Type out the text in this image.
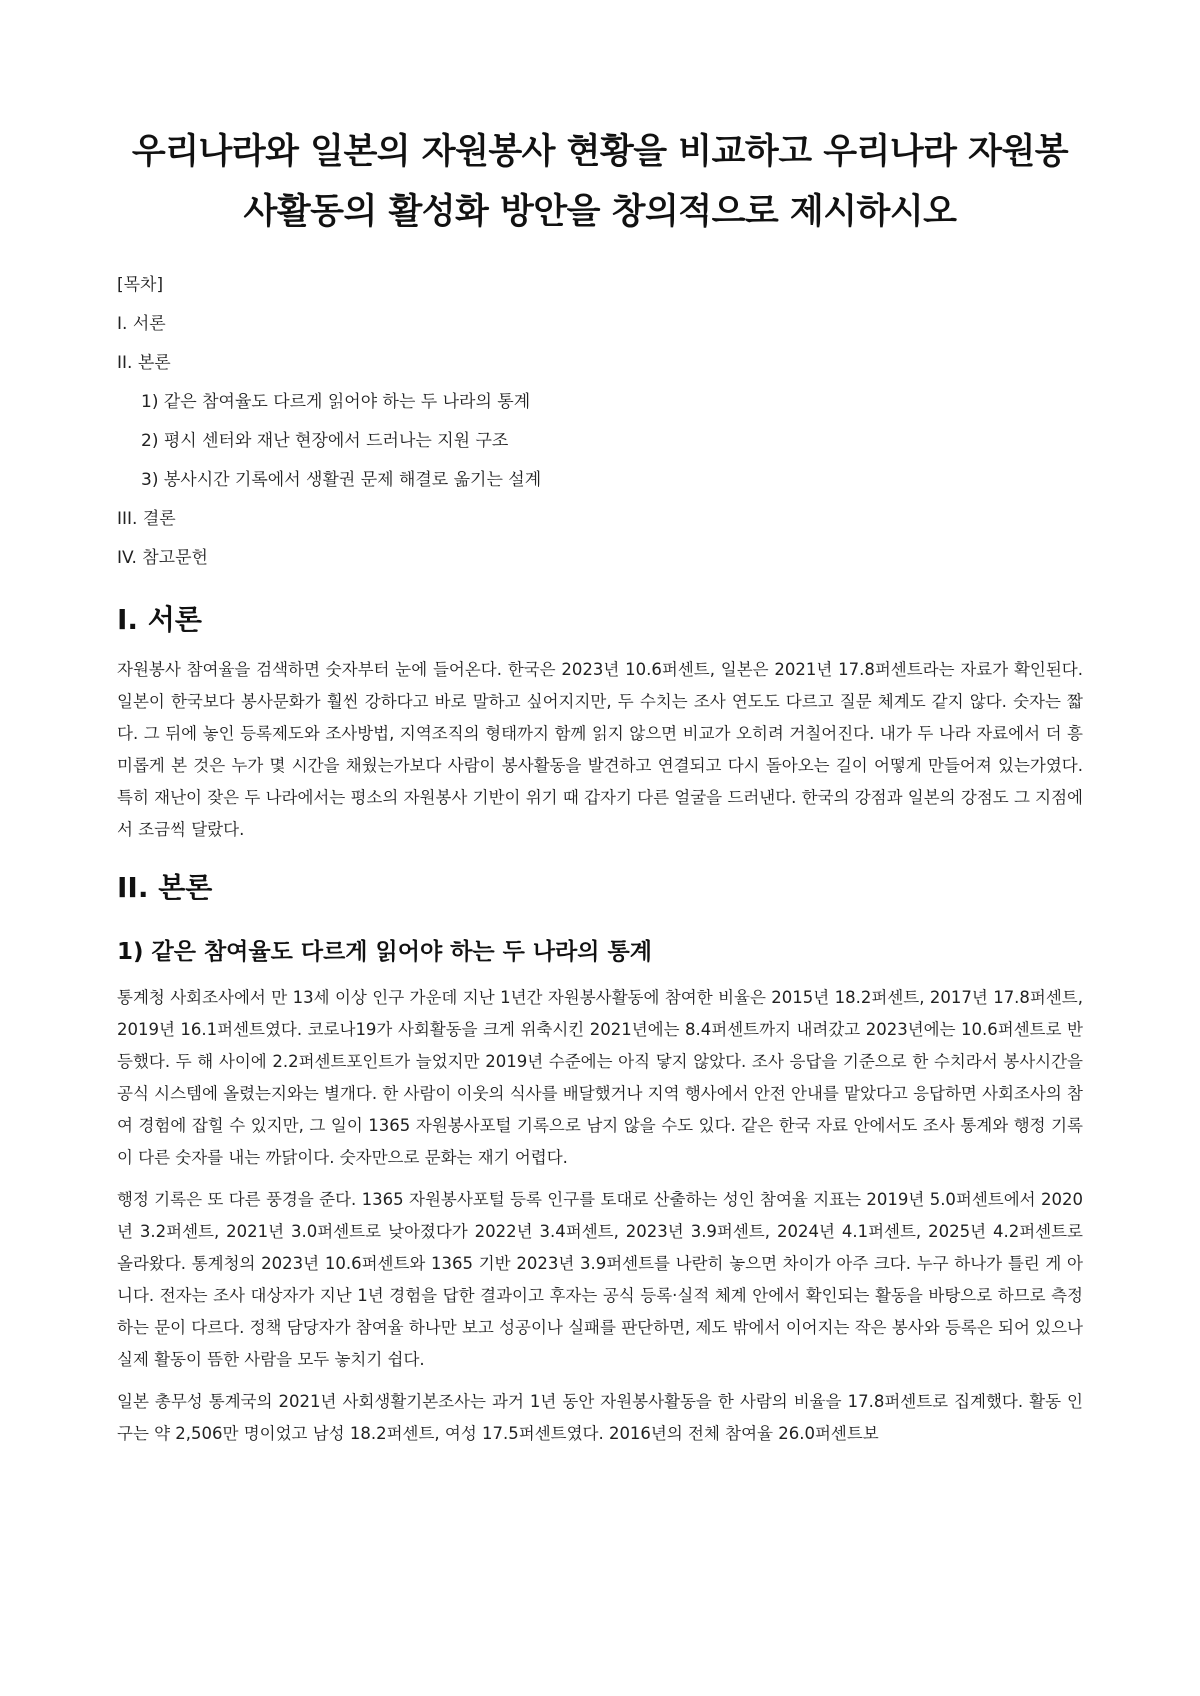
우리나라와 일본의 자원봉사 현황을 비교하고 우리나라 자원봉사활동의 활성화 방안을 창의적으로 제시하시오
[목차]
I. 서론
II. 본론
1) 같은 참여율도 다르게 읽어야 하는 두 나라의 통계
2) 평시 센터와 재난 현장에서 드러나는 지원 구조
3) 봉사시간 기록에서 생활권 문제 해결로 옮기는 설계
III. 결론
IV. 참고문헌
I. 서론

자원봉사 참여율을 검색하면 숫자부터 눈에 들어온다. 한국은 2023년 10.6퍼센트, 일본은 2021년 17.8퍼센트라는 자료가 확인된다. 일본이 한국보다 봉사문화가 훨씬 강하다고 바로 말하고 싶어지지만, 두 수치는 조사 연도도 다르고 질문 체계도 같지 않다. 숫자는 짧다. 그 뒤에 놓인 등록제도와 조사방법, 지역조직의 형태까지 함께 읽지 않으면 비교가 오히려 거칠어진다. 내가 두 나라 자료에서 더 흥미롭게 본 것은 누가 몇 시간을 채웠는가보다 사람이 봉사활동을 발견하고 연결되고 다시 돌아오는 길이 어떻게 만들어져 있는가였다. 특히 재난이 잦은 두 나라에서는 평소의 자원봉사 기반이 위기 때 갑자기 다른 얼굴을 드러낸다. 한국의 강점과 일본의 강점도 그 지점에서 조금씩 달랐다.

II. 본론
1) 같은 참여율도 다르게 읽어야 하는 두 나라의 통계

통계청 사회조사에서 만 13세 이상 인구 가운데 지난 1년간 자원봉사활동에 참여한 비율은 2015년 18.2퍼센트, 2017년 17.8퍼센트, 2019년 16.1퍼센트였다. 코로나19가 사회활동을 크게 위축시킨 2021년에는 8.4퍼센트까지 내려갔고 2023년에는 10.6퍼센트로 반등했다. 두 해 사이에 2.2퍼센트포인트가 늘었지만 2019년 수준에는 아직 닿지 않았다. 조사 응답을 기준으로 한 수치라서 봉사시간을 공식 시스템에 올렸는지와는 별개다. 한 사람이 이웃의 식사를 배달했거나 지역 행사에서 안전 안내를 맡았다고 응답하면 사회조사의 참여 경험에 잡힐 수 있지만, 그 일이 1365 자원봉사포털 기록으로 남지 않을 수도 있다. 같은 한국 자료 안에서도 조사 통계와 행정 기록이 다른 숫자를 내는 까닭이다. 숫자만으로 문화는 재기 어렵다.

행정 기록은 또 다른 풍경을 준다. 1365 자원봉사포털 등록 인구를 토대로 산출하는 성인 참여율 지표는 2019년 5.0퍼센트에서 2020년 3.2퍼센트, 2021년 3.0퍼센트로 낮아졌다가 2022년 3.4퍼센트, 2023년 3.9퍼센트, 2024년 4.1퍼센트, 2025년 4.2퍼센트로 올라왔다. 통계청의 2023년 10.6퍼센트와 1365 기반 2023년 3.9퍼센트를 나란히 놓으면 차이가 아주 크다. 누구 하나가 틀린 게 아니다. 전자는 조사 대상자가 지난 1년 경험을 답한 결과이고 후자는 공식 등록·실적 체계 안에서 확인되는 활동을 바탕으로 하므로 측정하는 문이 다르다. 정책 담당자가 참여율 하나만 보고 성공이나 실패를 판단하면, 제도 밖에서 이어지는 작은 봉사와 등록은 되어 있으나 실제 활동이 뜸한 사람을 모두 놓치기 쉽다.

일본 총무성 통계국의 2021년 사회생활기본조사는 과거 1년 동안 자원봉사활동을 한 사람의 비율을 17.8퍼센트로 집계했다. 활동 인구는 약 2,506만 명이었고 남성 18.2퍼센트, 여성 17.5퍼센트였다. 2016년의 전체 참여율 26.0퍼센트보
